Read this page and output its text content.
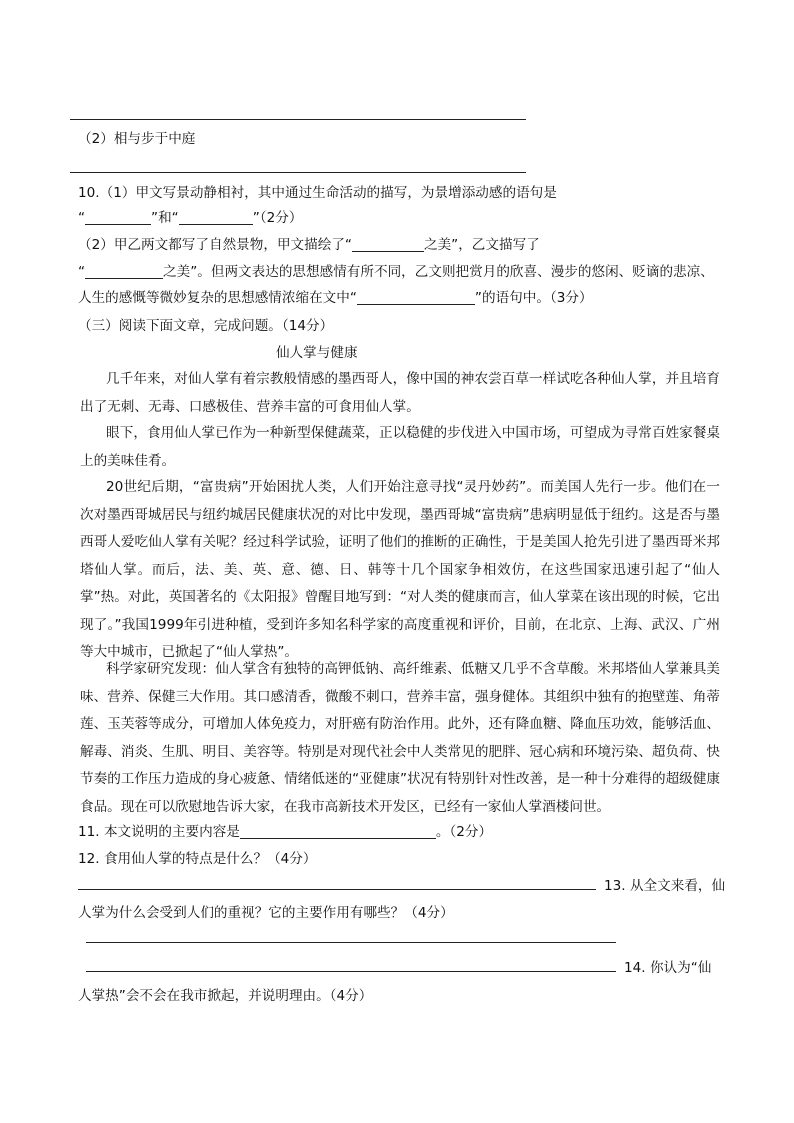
（2）相与步于中庭
10.（1）甲文写景动静相衬，其中通过生命活动的描写，为景增添动感的语句是
“	”和“	”（2分）
（2）甲乙两文都写了自然景物，甲文描绘了“	之美”，乙文描写了
“	之美”。但两文表达的思想感情有所不同，乙文则把赏月的欣喜、漫步的悠闲、贬谪的悲凉、
人生的感慨等微妙复杂的思想感情浓缩在文中“	”的语句中。（3分）
（三）阅读下面文章，完成问题。（14分）
仙人掌与健康
几千年来，对仙人掌有着宗教般情感的墨西哥人，像中国的神农尝百草一样试吃各种仙人掌，并且培育出了无刺、无毒、口感极佳、营养丰富的可食用仙人掌。
眼下，食用仙人掌已作为一种新型保健蔬菜，正以稳健的步伐进入中国市场，可望成为寻常百姓家餐桌上的美味佳肴。
20世纪后期，“富贵病”开始困扰人类，人们开始注意寻找“灵丹妙药”。而美国人先行一步。他们在一次对墨西哥城居民与纽约城居民健康状况的对比中发现，墨西哥城“富贵病”患病明显低于纽约。这是否与墨西哥人爱吃仙人掌有关呢？经过科学试验，证明了他们的推断的正确性，于是美国人抢先引进了墨西哥米邦塔仙人掌。而后，法、美、英、意、德、日、韩等十几个国家争相效仿，在这些国家迅速引起了“仙人掌”热。对此，英国著名的《太阳报》曾醒目地写到：“对人类的健康而言，仙人掌菜在该出现的时候，它出现了。”我国1999年引进种植，受到许多知名科学家的高度重视和评价，目前，在北京、上海、武汉、广州等大中城市，已掀起了“仙人掌热”。
科学家研究发现：仙人掌含有独特的高钾低钠、高纤维素、低糖又几乎不含草酸。米邦塔仙人掌兼具美味、营养、保健三大作用。其口感清香，微酸不刺口，营养丰富，强身健体。其组织中独有的抱壁莲、角蒂莲、玉芙蓉等成分，可增加人体免疫力，对肝癌有防治作用。此外，还有降血糖、降血压功效，能够活血、解毒、消炎、生肌、明目、美容等。特别是对现代社会中人类常见的肥胖、冠心病和环境污染、超负荷、快节奏的工作压力造成的身心疲惫、情绪低迷的“亚健康”状况有特别针对性改善，是一种十分难得的超级健康食品。现在可以欣慰地告诉大家，在我市高新技术开发区，已经有一家仙人掌酒楼问世。
11. 本文说明的主要内容是	。（2分）
12. 食用仙人掌的特点是什么？（4分）
13. 从全文来看，仙
人掌为什么会受到人们的重视？它的主要作用有哪些？（4分）
14. 你认为“仙
人掌热”会不会在我市掀起，并说明理由。（4分）
